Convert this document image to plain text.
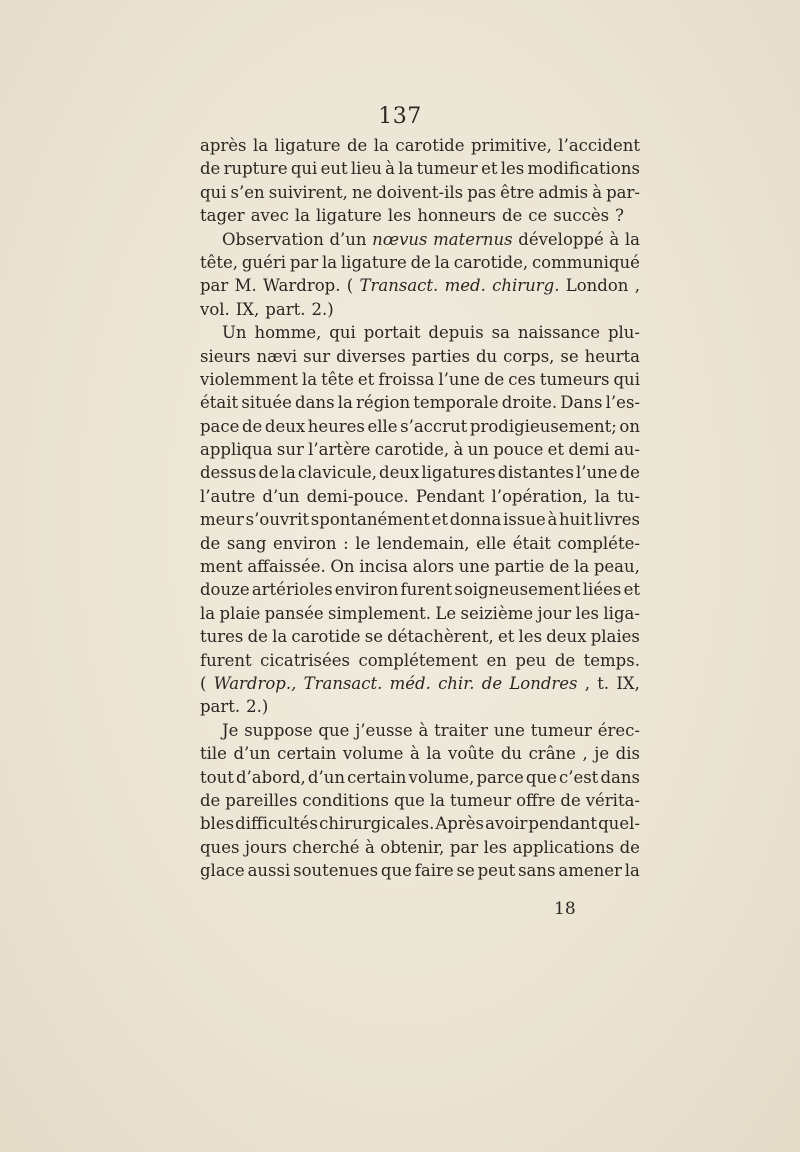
137
après la ligature de la carotide primitive, l’accident
de rupture qui eut lieu à la tumeur et les modifications
qui s’en suivirent, ne doivent-ils pas être admis à par-
tager avec la ligature les honneurs de ce succès ?
Observation d’un nœvus maternus développé à la
tête, guéri par la ligature de la carotide, communiqué
par M. Wardrop. ( Transact. med. chirurg. London ,
vol. IX, part. 2.)
Un homme, qui portait depuis sa naissance plu-
sieurs nævi sur diverses parties du corps, se heurta
violemment la tête et froissa l’une de ces tumeurs qui
était située dans la région temporale droite. Dans l’es-
pace de deux heures elle s’accrut prodigieusement; on
appliqua sur l’artère carotide, à un pouce et demi au-
dessus de la clavicule, deux ligatures distantes l’une de
l’autre d’un demi-pouce. Pendant l’opération, la tu-
meur s’ouvrit spontanément et donna issue à huit livres
de sang environ : le lendemain, elle était compléte-
ment affaissée. On incisa alors une partie de la peau,
douze artérioles environ furent soigneusement liées et
la plaie pansée simplement. Le seizième jour les liga-
tures de la carotide se détachèrent, et les deux plaies
furent cicatrisées complétement en peu de temps.
( Wardrop., Transact. méd. chir. de Londres , t. IX,
part. 2.)
Je suppose que j’eusse à traiter une tumeur érec-
tile d’un certain volume à la voûte du crâne , je dis
tout d’abord, d’un certain volume, parce que c’est dans
de pareilles conditions que la tumeur offre de vérita-
bles difficultés chirurgicales. Après avoir pendant quel-
ques jours cherché à obtenir, par les applications de
glace aussi soutenues que faire se peut sans amener la
18
